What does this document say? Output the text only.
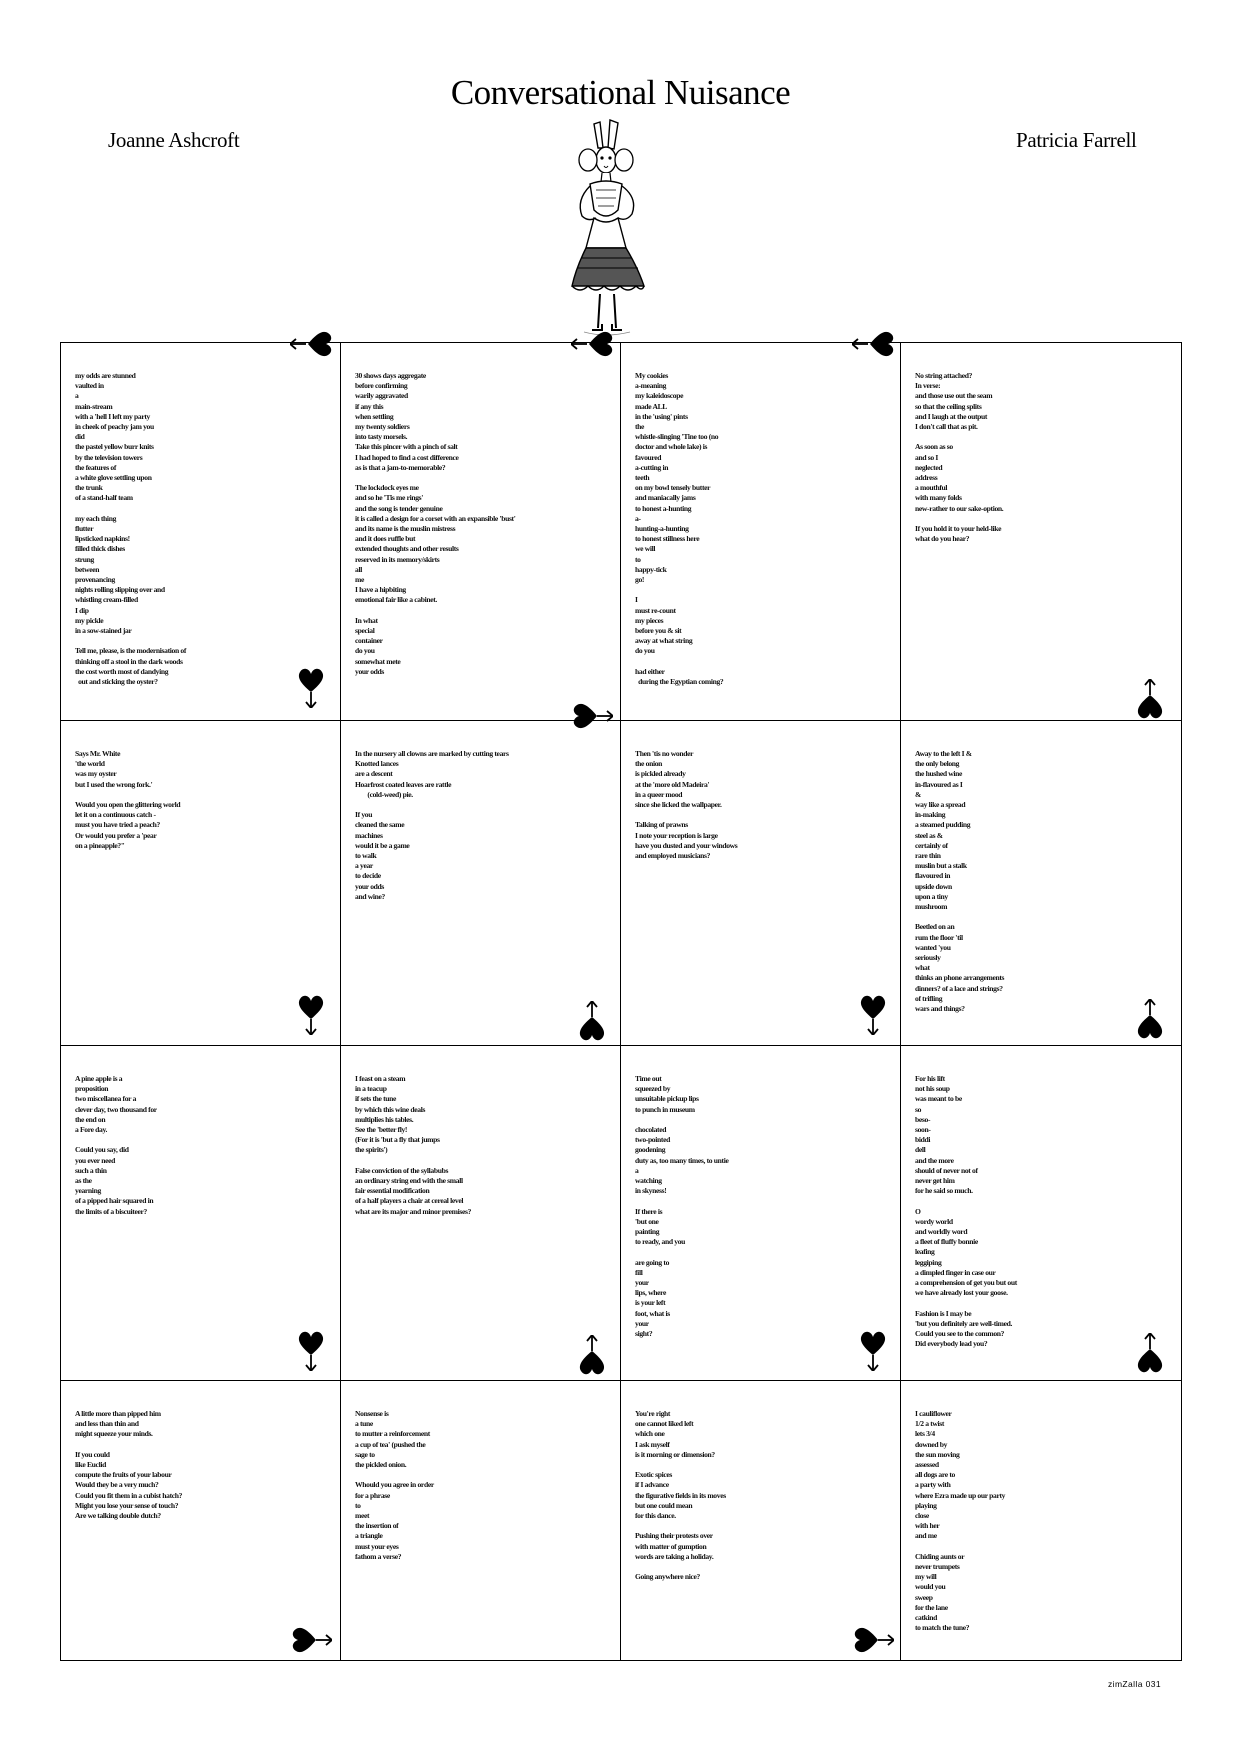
Conversational Nuisance
Joanne Ashcroft	Patricia Farrell
my odds are stunned
vaulted in
a
main-stream
with a 'hell I left my party
in cheek of peachy jam you
did
the pastel yellow burr knits
by the television towers
the features of
a white glove settling upon
the trunk
of a stand-half team

my each thing
flutter
lipsticked napkins!
filled thick dishes
strung
between
provenancing
nights rolling slipping over and
whistling cream-filled
I dip
my pickle
in a sow-stained jar

Tell me, please, is the modernisation of
thinking off a stool in the dark woods
the cost worth most of dandying
out and sticking the oyster?
30 shows days aggregate
before confirming
warily aggravated
if any this
when settling
my twenty soldiers
into tasty morsels.
Take this pincer with a pinch of salt
I had hoped to find a cost difference
as is that a jam-to-memorable?

The lockdock eyes me
and so he 'Tis me rings'
and the song is tender genuine
it is called a design for a corset with an expansible 'bust'
and its name is the muslin mistress
and it does ruffle but
extended thoughts and other results
reserved in its memory/skirts
all
me
I have a hipbiting
emotional fair like a cabinet.

In what
special
container
do you
somewhat mete
your odds
My cookies
a-meaning
my kaleidoscope
made ALL
in the 'using' pints
the
whistle-slinging 'Tine too (no
doctor and whole lake) is
favoured
a-cutting in
teeth
on my bowl tensely butter
and maniacally jams
to honest a-hunting
a-
hunting-a-hunting
to honest stillness here
we will
to
happy-tick
go!

I
must re-count
my pieces
before you & sit
away at what string
do you

had either
during the Egyptian coming?
No string attached?
In verse:
and those use out the seam
so that the ceiling splits
and I laugh at the output
I don't call that as pit.

As soon as so
and so I
neglected
address
a mouthful
with many folds
new-rather to our sake-option.

If you hold it to your held-like
what do you hear?
Says Mr. White
'the world
was my oyster
but I used the wrong fork.'

Would you open the glittering world
let it on a continuous catch -
must you have tried a peach?
Or would you prefer a 'pear
on a pineapple?"
In the nursery all clowns are marked by cutting tears
Knotted lances
are a descent
Hoarfrost coated leaves are rattle
(cold-weed) pie.

If you
cleaned the same
machines
would it be a game
to walk
a year
to decide
your odds
and wine?
Then 'tis no wonder
the onion
is pickled already
at the 'more old Madeira'
in a queer mood
since she licked the wallpaper.

Talking of prawns
I note your reception is large
have you dusted and your windows
and employed musicians?
Away to the left I &
the only belong
the hushed wine
in-flavoured as I
&
way like a spread
in-making
a steamed pudding
steel as &
certainly of
rare thin
muslin but a stalk
flavoured in
upside down
upon a tiny
mushroom

Beetled on an
rum the floor 'til
wanted 'you
seriously
what
thinks an phone arrangements
dinners? of a lace and strings?
of trifling
wars and things?
A pine apple is a
proposition
two miscellanea for a
clever day, two thousand for
the end on
a Fore day.

Could you say, did
you ever need
such a thin
as the
yearning
of a pipped hair squared in
the limits of a biscuiteer?
I feast on a steam
in a teacup
if sets the tune
by which this wine deals
multiplies his tables.
See the 'better fly!
(For it is 'but a fly that jumps
the spirits')

False conviction of the syllabubs
an ordinary string end with the small
fair essential modification
of a half players a chair at cereal level
what are its major and minor premises?
Time out
squeezed by
unsuitable pickup lips
to punch in museum

chocolated
two-pointed
goodening
duty as, too many times, to untie
a
watching
in skyness!

If there is
'but one
painting
to ready, and you

are going to
fill
your
lips, where
is your left
foot, what is
your
sight?
For his lift
not his soup
was meant to be
so
beso-
soon-
biddi
dell
and the more
should of never not of
never get him
for he said so much.

O
wordy world
and worldly word
a fleet of fluffy bonnie
leafing
leggiping
a dimpled finger in case our
a comprehension of get you but out
we have already lost your goose.

Fashion is I may be
'but you definitely are well-timed.
Could you see to the common?
Did everybody lead you?
A little more than pipped him
and less than thin and
might squeeze your minds.

If you could
like Euclid
compute the fruits of your labour
Would they be a very much?
Could you fit them in a cubist hatch?
Might you lose your sense of touch?
Are we talking double dutch?
Nonsense is
a tune
to mutter a reinforcement
a cup of tea' (pushed the
sage to
the pickled onion.

Whould you agree in order
for a phrase
to
meet
the insertion of
a triangle
must your eyes
fathom a verse?
You're right
one cannot liked left
which one
I ask myself
is it morning or dimension?

Exotic spices
if I advance
the figurative fields in its moves
but one could mean
for this dance.

Pushing their protests over
with matter of gumption
words are taking a holiday.

Going anywhere nice?
I cauliflower
1/2 a twist
lets 3/4
downed by
the sun moving
assessed
all dogs are to
a party with
where Ezra made up our party
playing
close
with her
and me

Chiding aunts or
never trumpets
my will
would you
sweep
for the lane
catkind
to match the tune?
zimZalla 031
